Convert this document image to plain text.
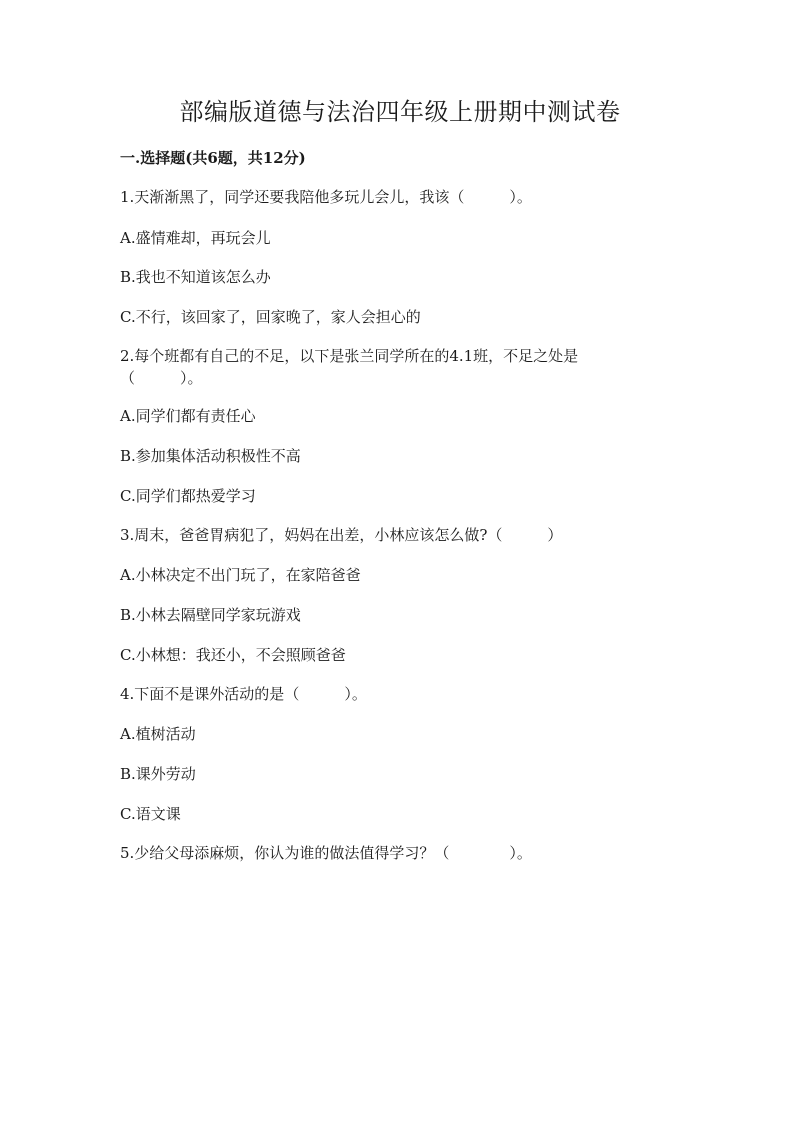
部编版道德与法治四年级上册期中测试卷
一.选择题(共6题，共12分)
1.天渐渐黑了，同学还要我陪他多玩儿会儿，我该（　　　）。
A.盛情难却，再玩会儿
B.我也不知道该怎么办
C.不行，该回家了，回家晚了，家人会担心的
2.每个班都有自己的不足，以下是张兰同学所在的4.1班，不足之处是（　　　）。
A.同学们都有责任心
B.参加集体活动积极性不高
C.同学们都热爱学习
3.周末，爸爸胃病犯了，妈妈在出差，小林应该怎么做?（　　　）
A.小林决定不出门玩了，在家陪爸爸
B.小林去隔壁同学家玩游戏
C.小林想：我还小，不会照顾爸爸
4.下面不是课外活动的是（　　　）。
A.植树活动
B.课外劳动
C.语文课
5.少给父母添麻烦，你认为谁的做法值得学习？（　　　　）。
